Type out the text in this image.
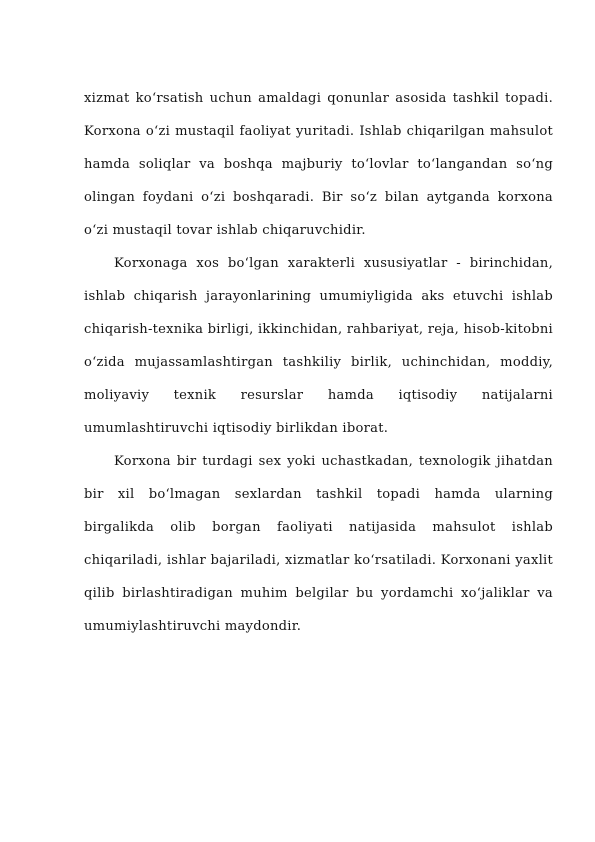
xizmat ko‘rsatish uchun amaldagi qonunlar asosida tashkil topadi. Korxona o‘zi mustaqil faoliyat yuritadi. Ishlab chiqarilgan mahsulot hamda soliqlar va boshqa majburiy to‘lovlar to‘langandan so‘ng olingan foydani o‘zi boshqaradi. Bir so‘z bilan aytganda korxona o‘zi mustaqil tovar ishlab chiqaruvchidir.

Korxonaga xos bo‘lgan xarakterli xususiyatlar - birinchidan, ishlab chiqarish jarayonlarining umumiyligida aks etuvchi ishlab chiqarish-texnika birligi, ikkinchidan, rahbariyat, reja, hisob-kitobni o‘zida mujassamlashtirgan tashkiliy birlik, uchinchidan, moddiy, moliyaviy texnik resurslar hamda iqtisodiy natijalarni umumlashtiruvchi iqtisodiy birlikdan iborat.

Korxona bir turdagi sex yoki uchastkadan, texnologik jihatdan bir xil bo‘lmagan sexlardan tashkil topadi hamda ularning birgalikda olib borgan faoliyati natijasida mahsulot ishlab chiqariladi, ishlar bajariladi, xizmatlar ko‘rsatiladi. Korxonani yaxlit qilib birlashtiradigan muhim belgilar bu yordamchi xo‘jaliklar va umumiylashtiruvchi maydondir.
